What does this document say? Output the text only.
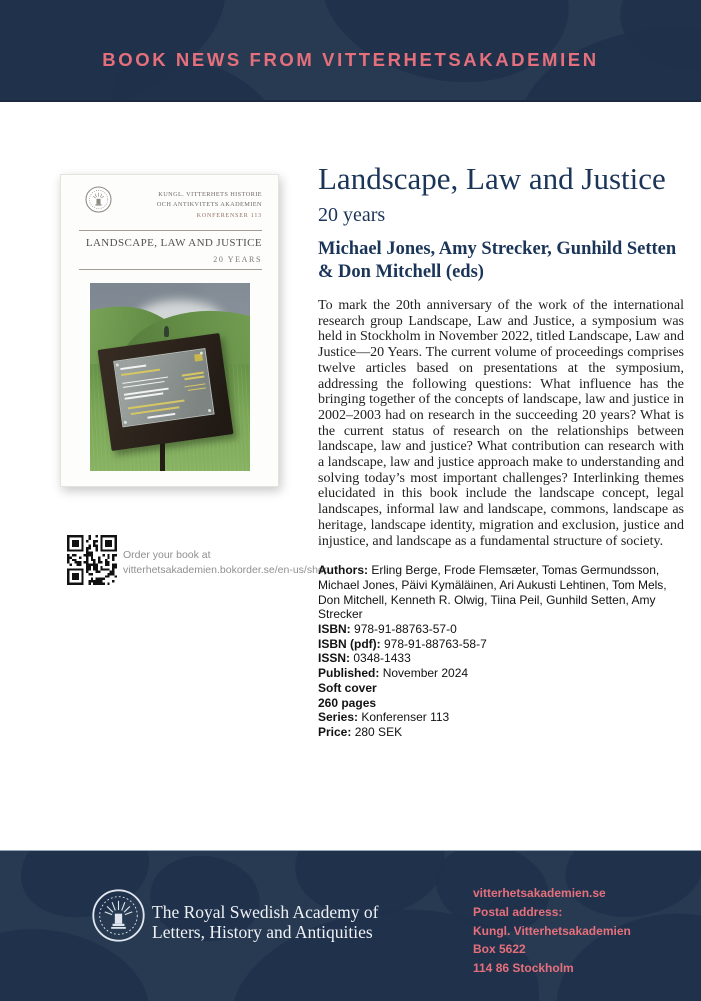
BOOK NEWS FROM VITTERHETSAKADEMIEN
KUNGL. VITTERHETS HISTORIE
OCH ANTIKVITETS AKADEMIEN
KONFERENSER 113
LANDSCAPE, LAW AND JUSTICE
20 YEARS
Order your book at
vitterhetsakademien.bokorder.se/en-us/shop.
Landscape, Law and Justice
20 years
Michael Jones, Amy Strecker, Gunhild Setten & Don Mitchell (eds)

To mark the 20th anniversary of the work of the international research group Landscape, Law and Justice, a symposium was held in Stockholm in November 2022, titled Landscape, Law and Justice—20 Years. The current volume of proceedings comprises twelve articles based on presentations at the symposium, addressing the following questions: What influence has the bringing together of the concepts of landscape, law and justice in 2002–2003 had on research in the succeeding 20 years? What is the current status of research on the relationships between landscape, law and justice? What contribution can research with a landscape, law and justice approach make to understanding and solving today’s most important challenges? Interlinking themes elucidated in this book include the landscape concept, legal landscapes, informal law and landscape, commons, landscape as heritage, landscape identity, migration and exclusion, justice and injustice, and landscape as a fundamental structure of society.

Authors: Erling Berge, Frode Flemsæter, Tomas Germundsson, Michael Jones, Päivi Kymäläinen, Ari Aukusti Lehtinen, Tom Mels, Don Mitchell, Kenneth R. Olwig, Tiina Peil, Gunhild Setten, Amy Strecker
ISBN: 978-91-88763-57-0
ISBN (pdf): 978-91-88763-58-7
ISSN: 0348-1433
Published: November 2024
Soft cover
260 pages
Series: Konferenser 113
Price: 280 SEK
The Royal Swedish Academy of
Letters, History and Antiquities
vitterhetsakademien.se
Postal address:
Kungl. Vitterhetsakademien
Box 5622
114 86 Stockholm
